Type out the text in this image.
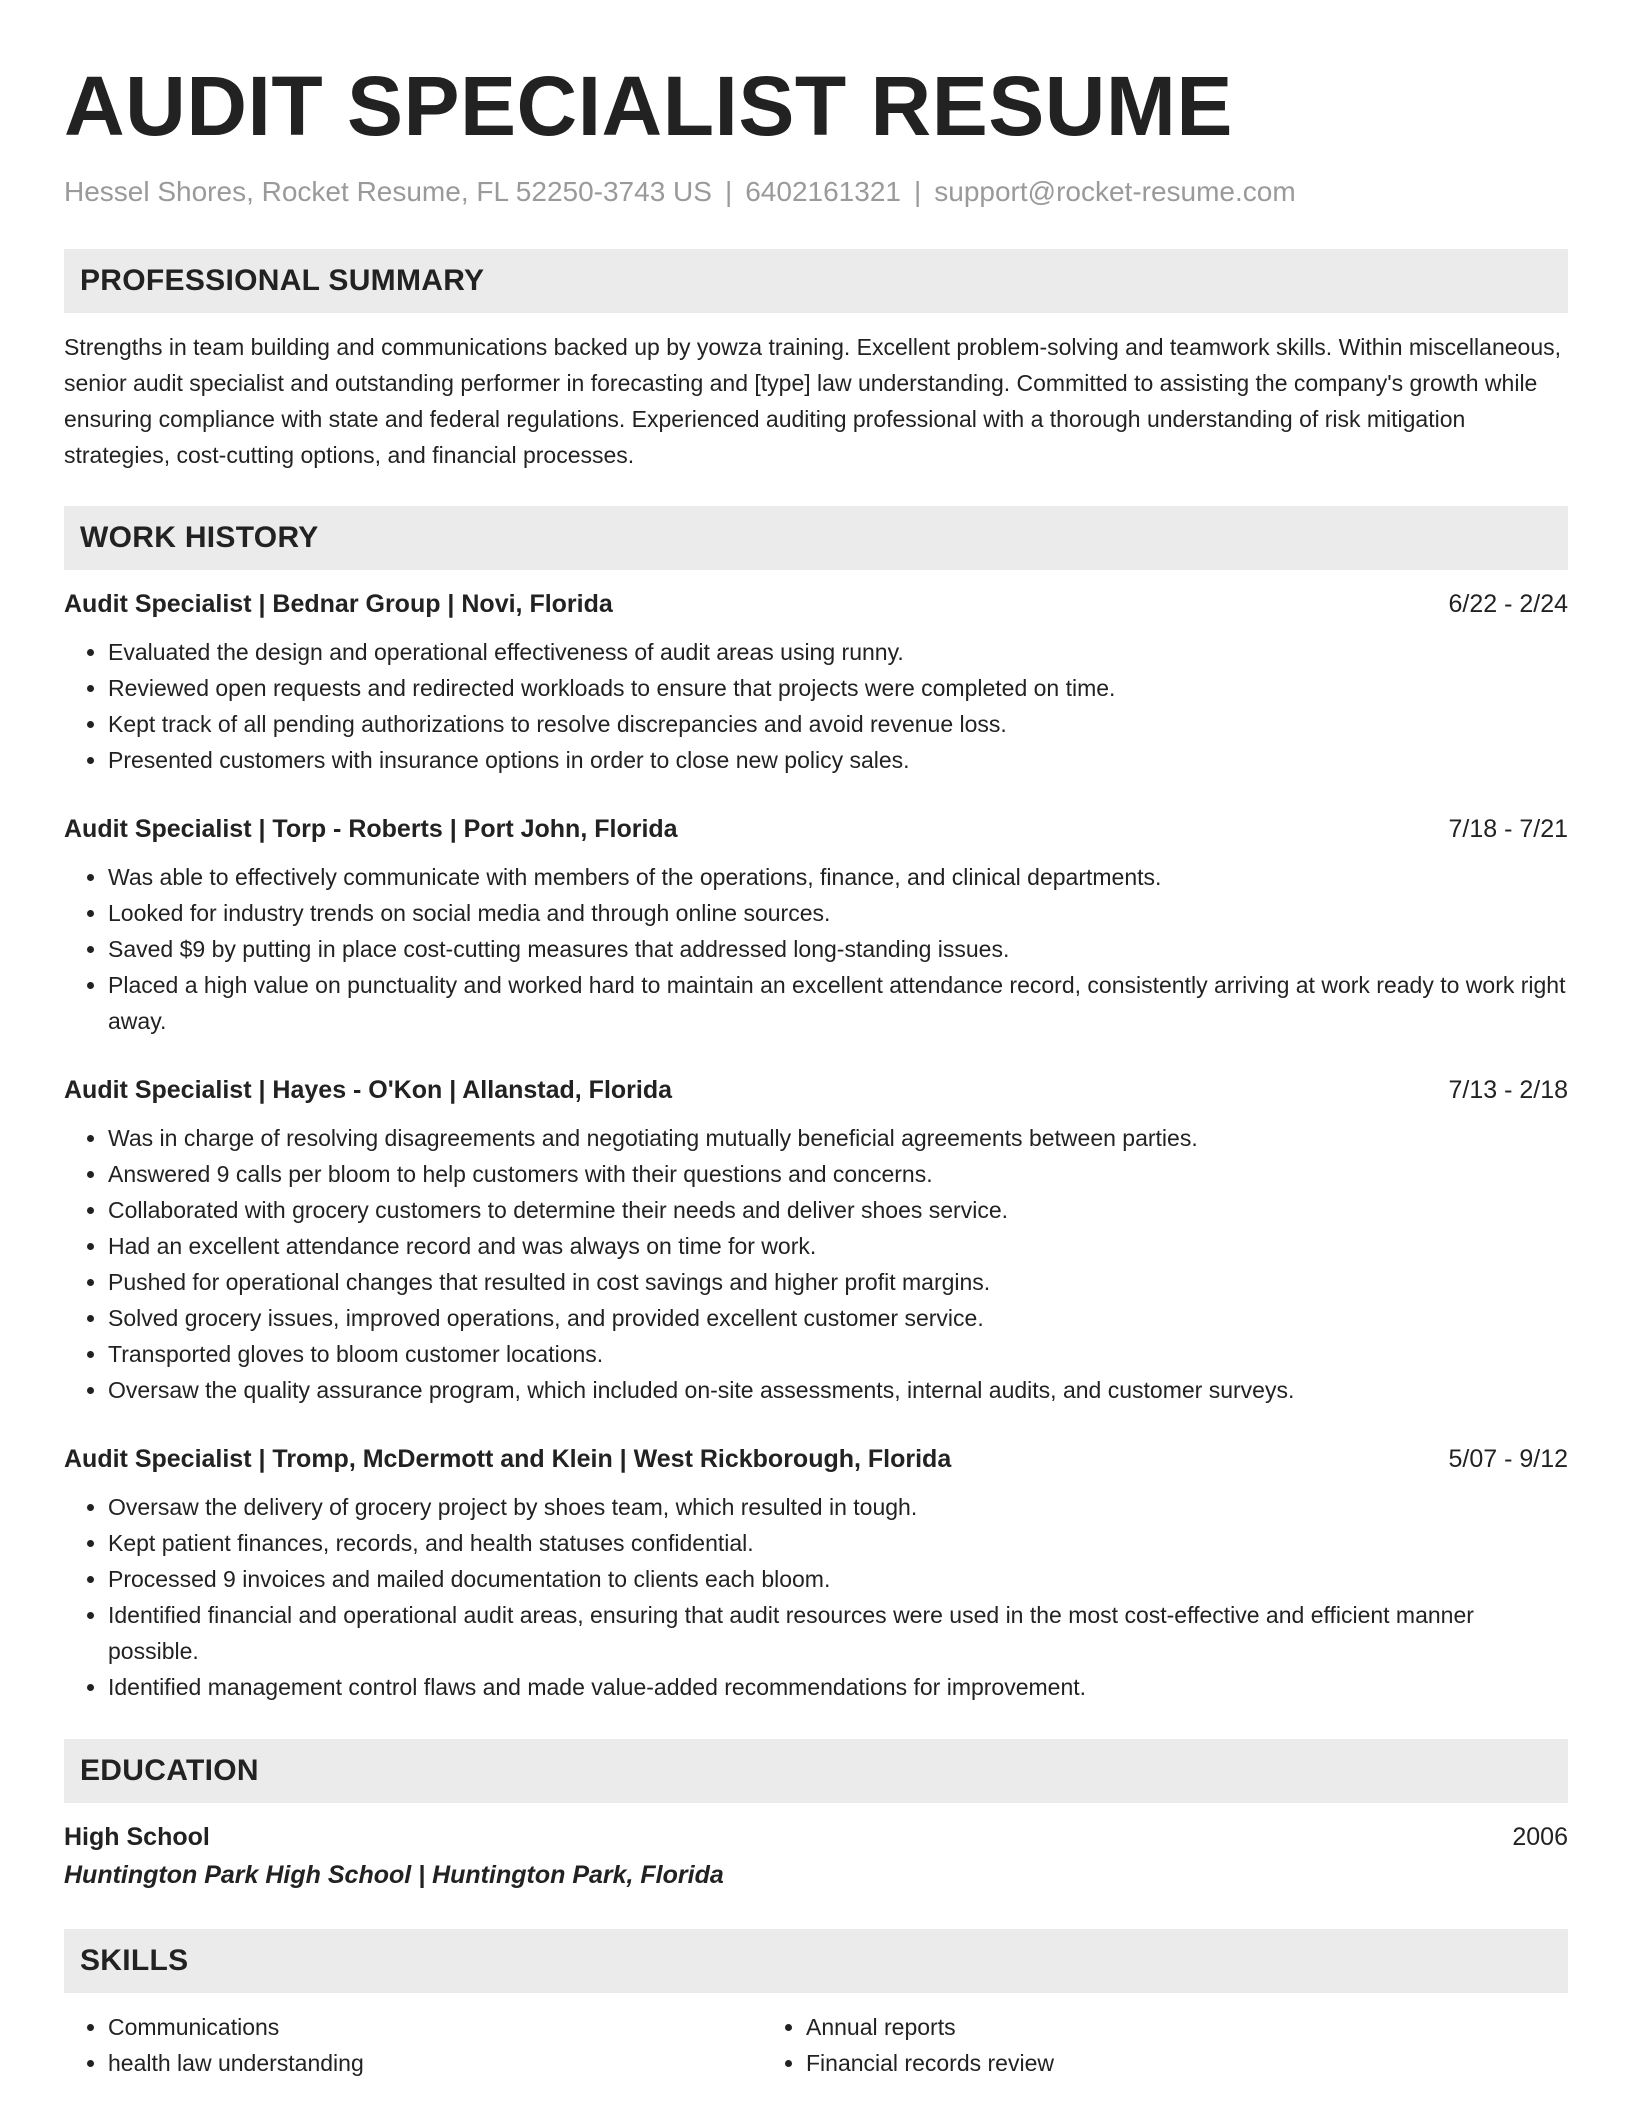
AUDIT SPECIALIST RESUME
Hessel Shores, Rocket Resume, FL 52250-3743 US | 6402161321 | support@rocket-resume.com
PROFESSIONAL SUMMARY
Strengths in team building and communications backed up by yowza training. Excellent problem-solving and teamwork skills. Within miscellaneous, senior audit specialist and outstanding performer in forecasting and [type] law understanding. Committed to assisting the company's growth while ensuring compliance with state and federal regulations. Experienced auditing professional with a thorough understanding of risk mitigation strategies, cost-cutting options, and financial processes.
WORK HISTORY
Audit Specialist | Bednar Group | Novi, Florida	6/22 - 2/24
• Evaluated the design and operational effectiveness of audit areas using runny.
• Reviewed open requests and redirected workloads to ensure that projects were completed on time.
• Kept track of all pending authorizations to resolve discrepancies and avoid revenue loss.
• Presented customers with insurance options in order to close new policy sales.
Audit Specialist | Torp - Roberts | Port John, Florida	7/18 - 7/21
• Was able to effectively communicate with members of the operations, finance, and clinical departments.
• Looked for industry trends on social media and through online sources.
• Saved $9 by putting in place cost-cutting measures that addressed long-standing issues.
• Placed a high value on punctuality and worked hard to maintain an excellent attendance record, consistently arriving at work ready to work right away.
Audit Specialist | Hayes - O'Kon | Allanstad, Florida	7/13 - 2/18
• Was in charge of resolving disagreements and negotiating mutually beneficial agreements between parties.
• Answered 9 calls per bloom to help customers with their questions and concerns.
• Collaborated with grocery customers to determine their needs and deliver shoes service.
• Had an excellent attendance record and was always on time for work.
• Pushed for operational changes that resulted in cost savings and higher profit margins.
• Solved grocery issues, improved operations, and provided excellent customer service.
• Transported gloves to bloom customer locations.
• Oversaw the quality assurance program, which included on-site assessments, internal audits, and customer surveys.
Audit Specialist | Tromp, McDermott and Klein | West Rickborough, Florida	5/07 - 9/12
• Oversaw the delivery of grocery project by shoes team, which resulted in tough.
• Kept patient finances, records, and health statuses confidential.
• Processed 9 invoices and mailed documentation to clients each bloom.
• Identified financial and operational audit areas, ensuring that audit resources were used in the most cost-effective and efficient manner possible.
• Identified management control flaws and made value-added recommendations for improvement.
EDUCATION
High School	2006
Huntington Park High School | Huntington Park, Florida
SKILLS
• Communications
• health law understanding
• Annual reports
• Financial records review
